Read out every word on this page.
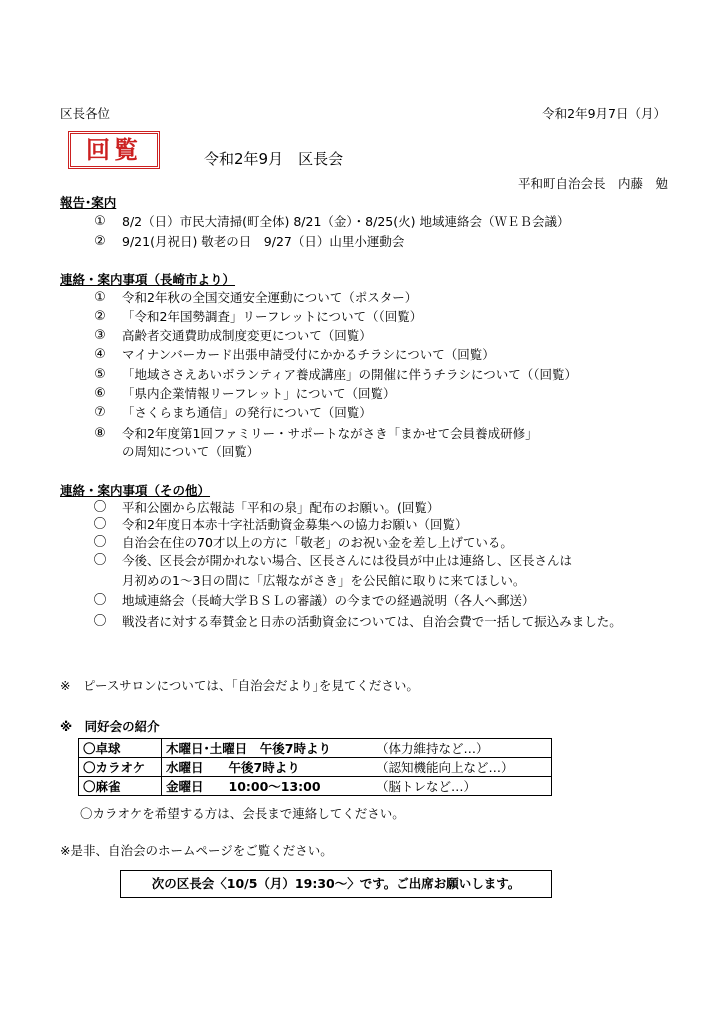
区長各位	令和2年9月7日（月）
回覧	令和2年9月　区長会
平和町自治会長　内藤　勉
報告･案内
① 8/2（日）市民大清掃(町全体) 8/21（金）・8/25(火) 地域連絡会（ＷＥＢ会議）
② 9/21(月祝日) 敬老の日　9/27（日）山里小運動会
連絡・案内事項（長崎市より）
① 令和2年秋の全国交通安全運動について（ポスター）
② 「令和2年国勢調査」リーフレットについて（（回覧）
③ 高齢者交通費助成制度変更について（回覧）
④ マイナンバーカード出張申請受付にかかるチラシについて（回覧）
⑤ 「地域ささえあいボランティア養成講座」の開催に伴うチラシについて（（回覧）
⑥ 「県内企業情報リーフレット」について（回覧）
⑦ 「さくらまち通信」の発行について（回覧）
⑧ 令和2年度第1回ファミリー・サポートながさき「まかせて会員養成研修」
の周知について（回覧）
連絡・案内事項（その他）
〇 平和公園から広報誌「平和の泉」配布のお願い。(回覧）
〇 令和2年度日本赤十字社活動資金募集への協力お願い（回覧）
〇 自治会在住の70才以上の方に「敬老」のお祝い金を差し上げている。
〇 今後、区長会が開かれない場合、区長さんには役員が中止は連絡し、区長さんは
月初めの1～3日の間に「広報ながさき」を公民館に取りに来てほしい。
〇 地域連絡会（長崎大学ＢＳＬの審議）の今までの経過説明（各人へ郵送）
〇 戦没者に対する奉賛金と日赤の活動資金については、自治会費で一括して振込みました。
※　ピースサロンについては、｢自治会だより｣を見てください。
※　同好会の紹介
〇卓球	木曜日･土曜日　午後7時より （体力維持など…）
〇カラオケ	水曜日　　午後7時より （認知機能向上など…）
〇麻雀	金曜日　　10:00～13:00 （脳トレなど…）
〇カラオケを希望する方は、会長まで連絡してください。
※是非、自治会のホームページをご覧ください。
次の区長会〈10/5（月）19:30～〉です。ご出席お願いします。
